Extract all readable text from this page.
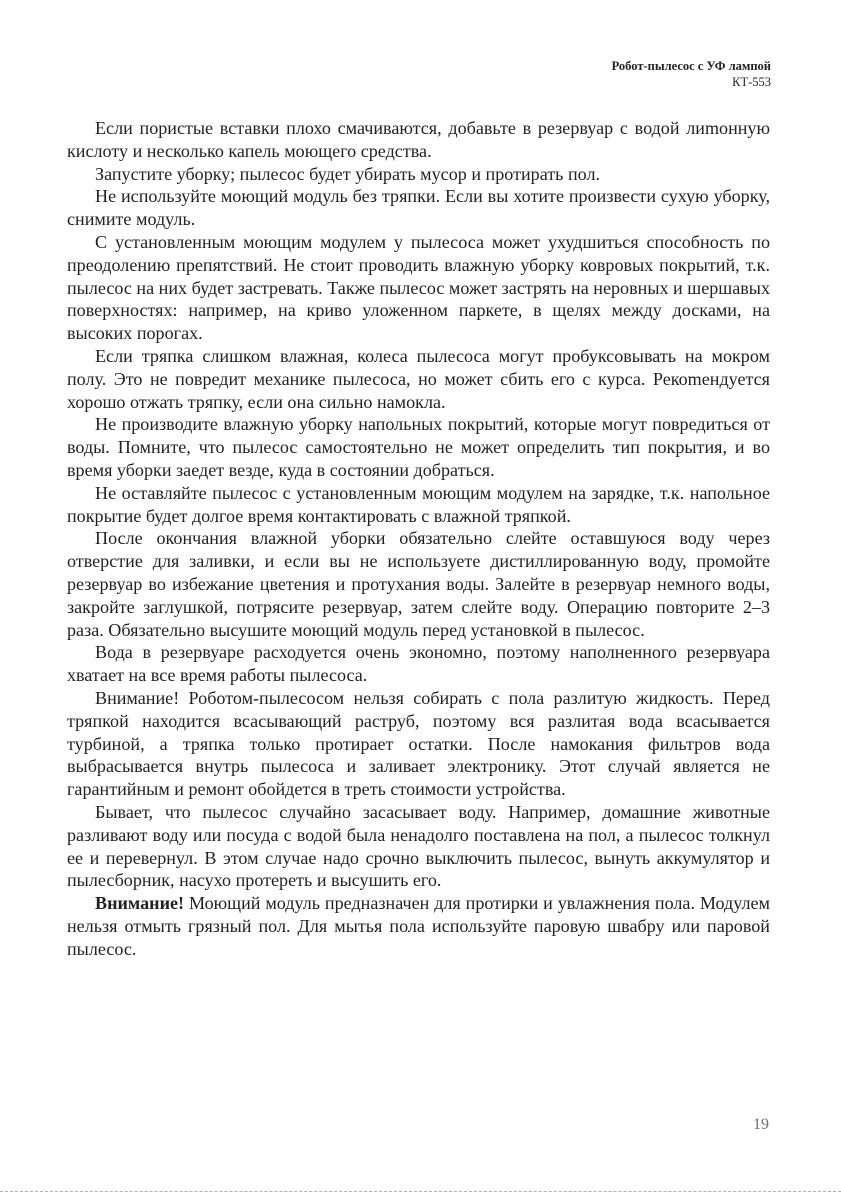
Робот-пылесос с УФ лампой
КТ-553

Если пористые вставки плохо смачиваются, добавьте в резервуар с водой лиmонную кислоту и несколько капель моющего средства.

Запустите уборку; пылесос будет убирать мусор и протирать пол.

Не используйте моющий модуль без тряпки. Если вы хотите произвести сухую уборку, снимите модуль.

С установленным моющим модулем у пылесоса может ухудшиться способность по преодолению препятствий. Не стоит проводить влажную уборку ковровых покрытий, т.к. пылесос на них будет застревать. Также пылесос может застрять на неровных и шершавых поверхностях: например, на криво уложенном паркете, в щелях между досками, на высоких порогах.

Если тряпка слишком влажная, колеса пылесоса могут пробуксовывать на мокром полу. Это не повредит механике пылесоса, но может сбить его с курса. Рекоmендуется хорошо отжать тряпку, если она сильно намокла.

Не производите влажную уборку напольных покрытий, которые могут повредиться от воды. Помните, что пылесос самостоятельно не может определить тип покрытия, и во время уборки заедет везде, куда в состоянии добраться.

Не оставляйте пылесос с установленным моющим модулем на зарядке, т.к. напольное покрытие будет долгое время контактировать с влажной тряпкой.

После окончания влажной уборки обязательно слейте оставшуюся воду через отверстие для заливки, и если вы не используете дистиллированную воду, промойте резервуар во избежание цветения и протухания воды. Залейте в резервуар немного воды, закройте заглушкой, потрясите резервуар, затем слейте воду. Операцию повторите 2–3 раза. Обязательно высушите моющий модуль перед установкой в пылесос.

Вода в резервуаре расходуется очень экономно, поэтому наполненного резервуара хватает на все время работы пылесоса.

Внимание! Роботом-пылесосом нельзя собирать с пола разлитую жидкость. Перед тряпкой находится всасывающий раструб, поэтому вся разлитая вода всасывается турбиной, а тряпка только протирает остатки. После намокания фильтров вода выбрасывается внутрь пылесоса и заливает электронику. Этот случай является не гарантийным и ремонт обойдется в треть стоимости устройства.

Бывает, что пылесос случайно засасывает воду. Например, домашние животные разливают воду или посуда с водой была ненадолго поставлена на пол, а пылесос толкнул ее и перевернул. В этом случае надо срочно выключить пылесос, вынуть аккумулятор и пылесборник, насухо протереть и высушить его.

Внимание! Моющий модуль предназначен для протирки и увлажнения пола. Модулем нельзя отмыть грязный пол. Для мытья пола используйте паровую швабру или паровой пылесос.

19
